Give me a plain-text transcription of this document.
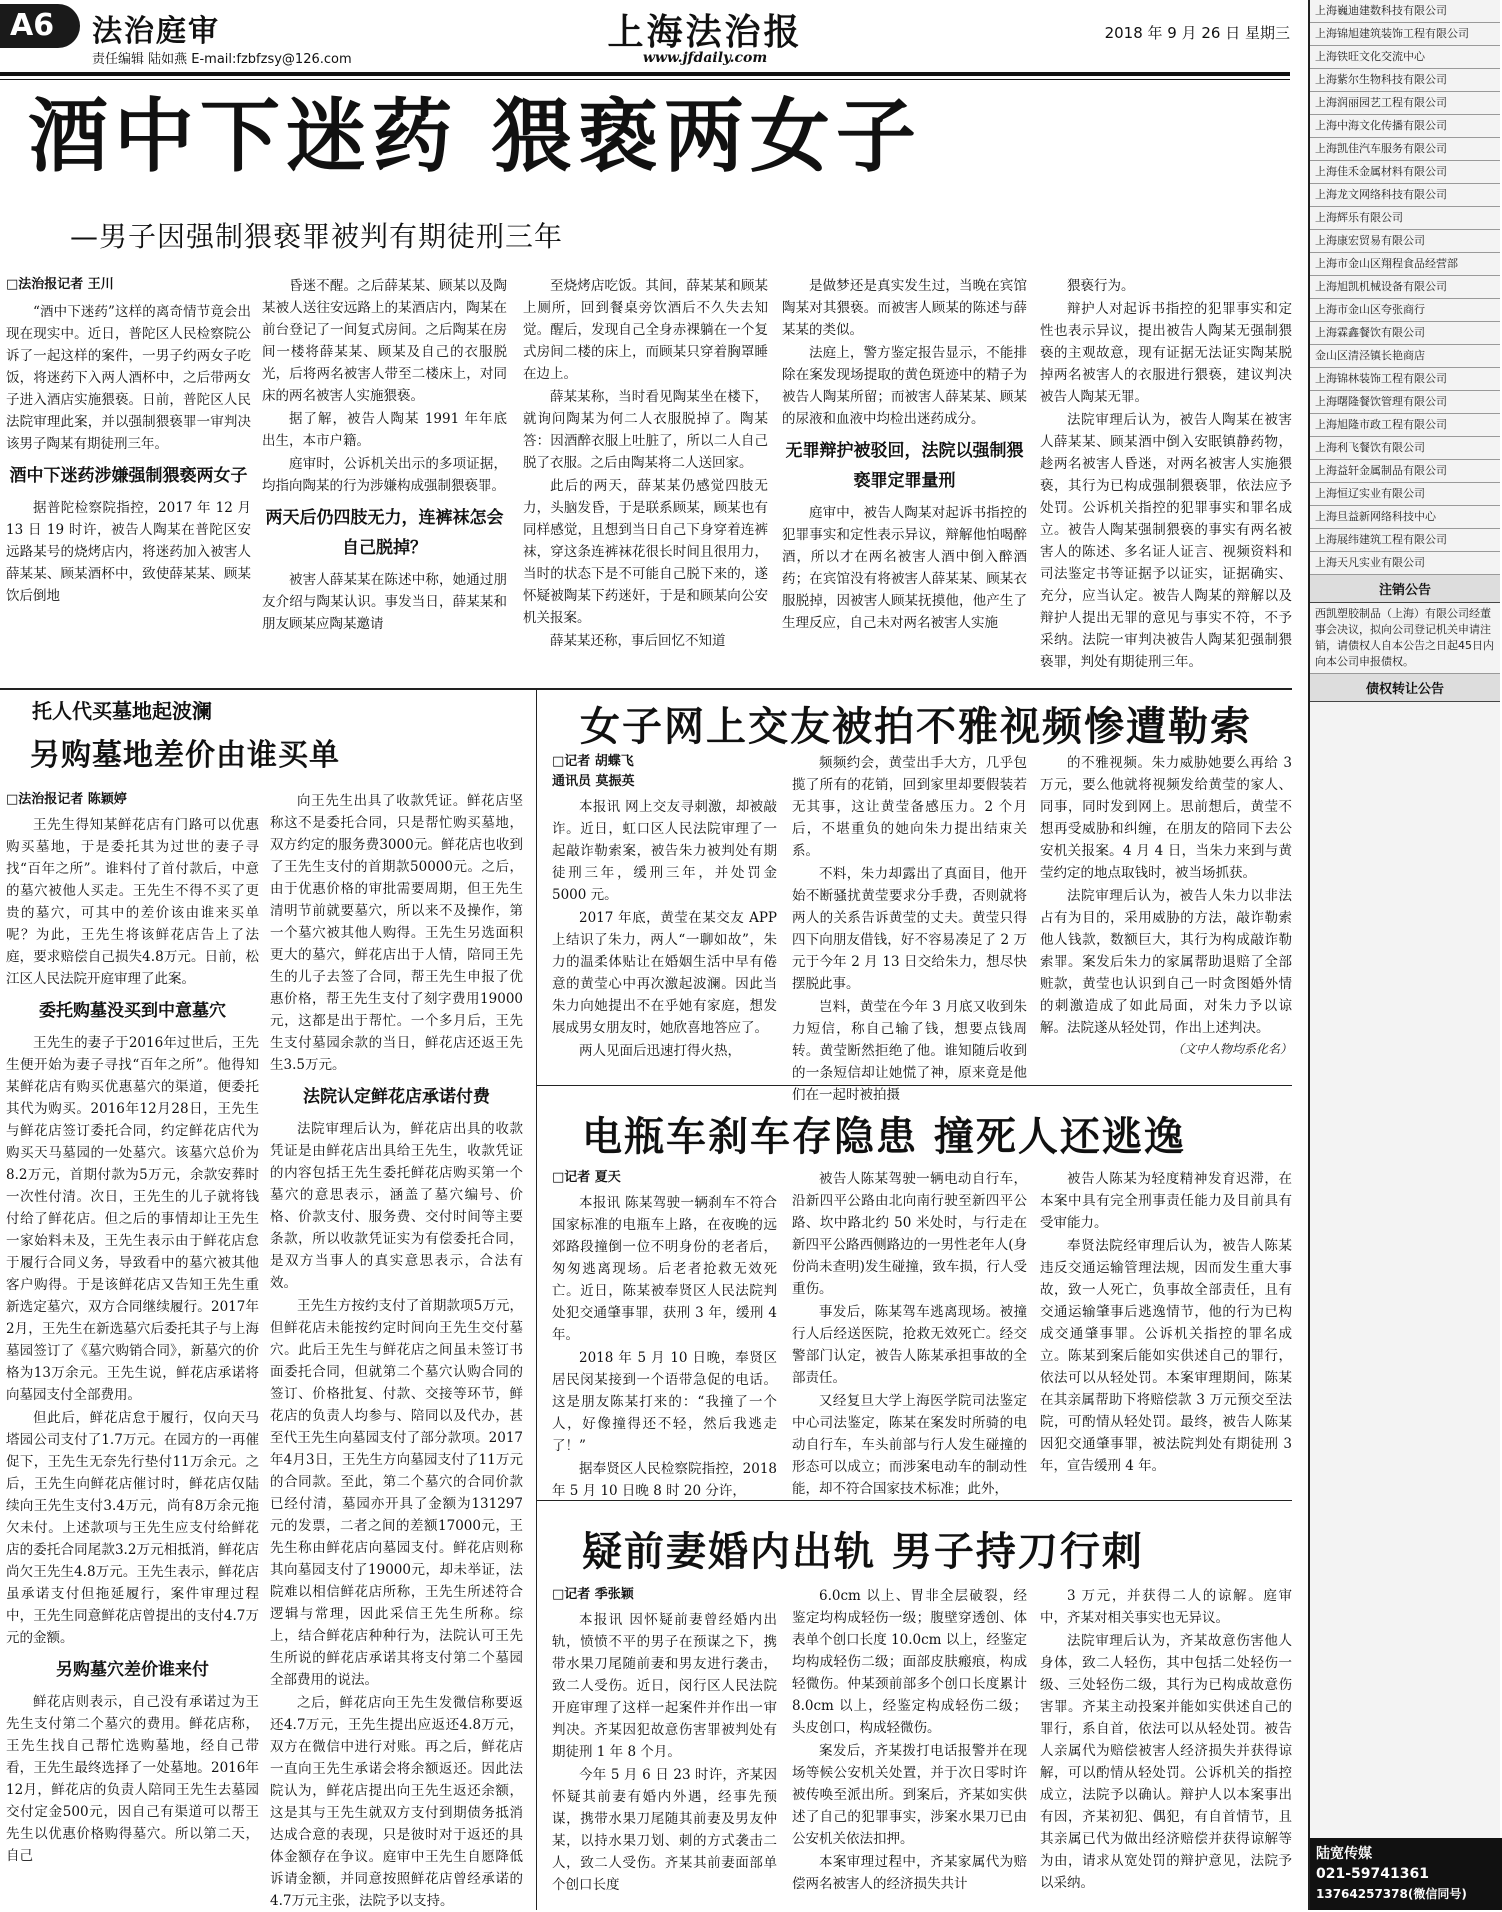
A6	法治庭审
责任编辑 陆如燕 E-mail:fzbfzsy@126.com
上海法治报
www.jfdaily.com
2018 年 9 月 26 日 星期三
酒中下迷药 猥亵两女子
—男子因强制猥亵罪被判有期徒刑三年
□法治报记者 王川

“酒中下迷药”这样的离奇情节竟会出现在现实中。近日，普陀区人民检察院公诉了一起这样的案件，一男子约两女子吃饭，将迷药下入两人酒杯中，之后带两女子进入酒店实施猥亵。日前，普陀区人民法院审理此案，并以强制猥亵罪一审判决该男子陶某有期徒刑三年。

酒中下迷药涉嫌强制猥亵两女子

据普陀检察院指控，2017 年 12 月 13 日 19 时许，被告人陶某在普陀区安远路某号的烧烤店内，将迷药加入被害人薛某某、顾某酒杯中，致使薛某某、顾某饮后倒地

昏迷不醒。之后薛某某、顾某以及陶某被人送往安远路上的某酒店内，陶某在前台登记了一间复式房间。之后陶某在房间一楼将薛某某、顾某及自己的衣服脱光，后将两名被害人带至二楼床上，对同床的两名被害人实施猥亵。

据了解，被告人陶某 1991 年年底出生，本市户籍。

庭审时，公诉机关出示的多项证据，均指向陶某的行为涉嫌构成强制猥亵罪。

两天后仍四肢无力，连裤袜怎会自己脱掉？

被害人薛某某在陈述中称，她通过朋友介绍与陶某认识。事发当日，薛某某和朋友顾某应陶某邀请

至烧烤店吃饭。其间，薛某某和顾某上厕所，回到餐桌旁饮酒后不久失去知觉。醒后，发现自己全身赤裸躺在一个复式房间二楼的床上，而顾某只穿着胸罩睡在边上。

薛某某称，当时看见陶某坐在楼下，就询问陶某为何二人衣服脱掉了。陶某答：因酒醉衣服上吐脏了，所以二人自己脱了衣服。之后由陶某将二人送回家。

此后的两天，薛某某仍感觉四肢无力，头脑发昏，于是联系顾某，顾某也有同样感觉，且想到当日自己下身穿着连裤袜，穿这条连裤袜花很长时间且很用力，当时的状态下是不可能自己脱下来的，遂怀疑被陶某下药迷奸，于是和顾某向公安机关报案。

薛某某还称，事后回忆不知道

是做梦还是真实发生过，当晚在宾馆陶某对其猥亵。而被害人顾某的陈述与薛某某的类似。

法庭上，警方鉴定报告显示，不能排除在案发现场提取的黄色斑迹中的精子为被告人陶某所留；而被害人薛某某、顾某的尿液和血液中均检出迷药成分。

无罪辩护被驳回，法院以强制猥亵罪定罪量刑

庭审中，被告人陶某对起诉书指控的犯罪事实和定性表示异议，辩解他怕喝醉酒，所以才在两名被害人酒中倒入醉酒药；在宾馆没有将被害人薛某某、顾某衣服脱掉，因被害人顾某抚摸他，他产生了生理反应，自己未对两名被害人实施

猥亵行为。

辩护人对起诉书指控的犯罪事实和定性也表示异议，提出被告人陶某无强制猥亵的主观故意，现有证据无法证实陶某脱掉两名被害人的衣服进行猥亵，建议判决被告人陶某无罪。

法院审理后认为，被告人陶某在被害人薛某某、顾某酒中倒入安眠镇静药物，趁两名被害人昏迷，对两名被害人实施猥亵，其行为已构成强制猥亵罪，依法应予处罚。公诉机关指控的犯罪事实和罪名成立。被告人陶某强制猥亵的事实有两名被害人的陈述、多名证人证言、视频资料和司法鉴定书等证据予以证实，证据确实、充分，应当认定。被告人陶某的辩解以及辩护人提出无罪的意见与事实不符，不予采纳。法院一审判决被告人陶某犯强制猥亵罪，判处有期徒刑三年。

托人代买墓地起波澜
另购墓地差价由谁买单
□法治报记者 陈颖婷

王先生得知某鲜花店有门路可以优惠购买墓地，于是委托其为过世的妻子寻找“百年之所”。谁料付了首付款后，中意的墓穴被他人买走。王先生不得不买了更贵的墓穴，可其中的差价该由谁来买单呢？为此，王先生将该鲜花店告上了法庭，要求赔偿自己损失4.8万元。日前，松江区人民法院开庭审理了此案。

委托购墓没买到中意墓穴

王先生的妻子于2016年过世后，王先生便开始为妻子寻找“百年之所”。他得知某鲜花店有购买优惠墓穴的渠道，便委托其代为购买。2016年12月28日，王先生与鲜花店签订委托合同，约定鲜花店代为购买天马墓园的一处墓穴。该墓穴总价为8.2万元，首期付款为5万元，余款安葬时一次性付清。次日，王先生的儿子就将钱付给了鲜花店。但之后的事情却让王先生一家始料未及，王先生表示由于鲜花店怠于履行合同义务，导致看中的墓穴被其他客户购得。于是该鲜花店又告知王先生重新选定墓穴，双方合同继续履行。2017年2月，王先生在新选墓穴后委托其子与上海墓园签订了《墓穴购销合同》，新墓穴的价格为13万余元。王先生说，鲜花店承诺将向墓园支付全部费用。

但此后，鲜花店怠于履行，仅向天马塔园公司支付了1.7万元。在园方的一再催促下，王先生无奈先行垫付11万余元。之后，王先生向鲜花店催讨时，鲜花店仅陆续向王先生支付3.4万元，尚有8万余元拖欠未付。上述款项与王先生应支付给鲜花店的委托合同尾款3.2万元相抵消，鲜花店尚欠王先生4.8万元。王先生表示，鲜花店虽承诺支付但拖延履行，案件审理过程中，王先生同意鲜花店曾提出的支付4.7万元的金额。

另购墓穴差价谁来付

鲜花店则表示，自己没有承诺过为王先生支付第二个墓穴的费用。鲜花店称，王先生找自己帮忙选购墓地，经自己带看，王先生最终选择了一处墓地。2016年12月，鲜花店的负责人陪同王先生去墓园交付定金500元，因自己有渠道可以帮王先生以优惠价格购得墓穴。所以第二天，自己

向王先生出具了收款凭证。鲜花店坚称这不是委托合同，只是帮忙购买墓地，双方约定的服务费3000元。鲜花店也收到了王先生支付的首期款50000元。之后，由于优惠价格的审批需要周期，但王先生清明节前就要墓穴，所以来不及操作，第一个墓穴被其他人购得。王先生另选面积更大的墓穴，鲜花店出于人情，陪同王先生的儿子去签了合同，帮王先生申报了优惠价格，帮王先生支付了刻字费用19000元，这都是出于帮忙。一个多月后，王先生支付墓园余款的当日，鲜花店还返王先生3.5万元。

法院认定鲜花店承诺付费

法院审理后认为，鲜花店出具的收款凭证是由鲜花店出具给王先生，收款凭证的内容包括王先生委托鲜花店购买第一个墓穴的意思表示，涵盖了墓穴编号、价格、价款支付、服务费、交付时间等主要条款，所以收款凭证实为有偿委托合同，是双方当事人的真实意思表示，合法有效。

王先生方按约支付了首期款项5万元，但鲜花店未能按约定时间向王先生交付墓穴。此后王先生与鲜花店之间虽未签订书面委托合同，但就第二个墓穴认购合同的签订、价格批复、付款、交接等环节，鲜花店的负责人均参与、陪同以及代办，甚至代王先生向墓园支付了部分款项。2017年4月3日，王先生方向墓园支付了11万元的合同款。至此，第二个墓穴的合同价款已经付清，墓园亦开具了金额为131297元的发票，二者之间的差额17000元，王先生称由鲜花店向墓园支付。鲜花店则称其向墓园支付了19000元，却未举证，法院难以相信鲜花店所称，王先生所述符合逻辑与常理，因此采信王先生所称。综上，结合鲜花店种种行为，法院认可王先生所说的鲜花店承诺其将支付第二个墓园全部费用的说法。

之后，鲜花店向王先生发微信称要返还4.7万元，王先生提出应返还4.8万元，双方在微信中进行对账。再之后，鲜花店一直向王先生承诺会将余额返还。因此法院认为，鲜花店提出向王先生返还余额，这是其与王先生就双方支付到期债务抵消达成合意的表现，只是彼时对于返还的具体金额存在争议。庭审中王先生自愿降低诉请金额，并同意按照鲜花店曾经承诺的4.7万元主张，法院予以支持。

女子网上交友被拍不雅视频惨遭勒索
□记者 胡蝶飞
通讯员 莫振英

本报讯 网上交友寻刺激，却被敲诈。近日，虹口区人民法院审理了一起敲诈勒索案，被告朱力被判处有期徒刑三年，缓刑三年，并处罚金 5000 元。

2017 年底，黄莹在某交友 APP 上结识了朱力，两人“一聊如故”，朱力的温柔体贴让在婚姻生活中早有倦意的黄莹心中再次激起波澜。因此当朱力向她提出不在乎她有家庭，想发展成男女朋友时，她欣喜地答应了。

两人见面后迅速打得火热，

频频约会，黄莹出手大方，几乎包揽了所有的花销，回到家里却要假装若无其事，这让黄莹备感压力。2 个月后，不堪重负的她向朱力提出结束关系。

不料，朱力却露出了真面目，他开始不断骚扰黄莹要求分手费，否则就将两人的关系告诉黄莹的丈夫。黄莹只得四下向朋友借钱，好不容易凑足了 2 万元于今年 2 月 13 日交给朱力，想尽快摆脱此事。

岂料，黄莹在今年 3 月底又收到朱力短信，称自己输了钱，想要点钱周转。黄莹断然拒绝了他。谁知随后收到的一条短信却让她慌了神，原来竟是他们在一起时被拍摄

的不雅视频。朱力威胁她要么再给 3 万元，要么他就将视频发给黄莹的家人、同事，同时发到网上。思前想后，黄莹不想再受威胁和纠缠，在朋友的陪同下去公安机关报案。4 月 4 日，当朱力来到与黄莹约定的地点取钱时，被当场抓获。

法院审理后认为，被告人朱力以非法占有为目的，采用威胁的方法，敲诈勒索他人钱款，数额巨大，其行为构成敲诈勒索罪。案发后朱力的家属帮助退赔了全部赃款，黄莹也认识到自己一时贪图婚外情的刺激造成了如此局面，对朱力予以谅解。法院遂从轻处罚，作出上述判决。

（文中人物均系化名）
电瓶车刹车存隐患 撞死人还逃逸
□记者 夏天

本报讯 陈某驾驶一辆刹车不符合国家标准的电瓶车上路，在夜晚的远郊路段撞倒一位不明身份的老者后，匆匆逃离现场。后老者抢救无效死亡。近日，陈某被奉贤区人民法院判处犯交通肇事罪，获刑 3 年，缓刑 4 年。

2018 年 5 月 10 日晚，奉贤区居民闵某接到一个语带急促的电话。这是朋友陈某打来的：“我撞了一个人，好像撞得还不轻，然后我逃走了！”

据奉贤区人民检察院指控，2018 年 5 月 10 日晚 8 时 20 分许，

被告人陈某驾驶一辆电动自行车，沿新四平公路由北向南行驶至新四平公路、坎中路北约 50 米处时，与行走在新四平公路西侧路边的一男性老年人(身份尚未查明)发生碰撞，致车损，行人受重伤。

事发后，陈某驾车逃离现场。被撞行人后经送医院，抢救无效死亡。经交警部门认定，被告人陈某承担事故的全部责任。

又经复旦大学上海医学院司法鉴定中心司法鉴定，陈某在案发时所骑的电动自行车，车头前部与行人发生碰撞的形态可以成立；而涉案电动车的制动性能，却不符合国家技术标准；此外，

被告人陈某为轻度精神发育迟滞，在本案中具有完全刑事责任能力及目前具有受审能力。

奉贤法院经审理后认为，被告人陈某违反交通运输管理法规，因而发生重大事故，致一人死亡，负事故全部责任，且有交通运输肇事后逃逸情节，他的行为已构成交通肇事罪。公诉机关指控的罪名成立。陈某到案后能如实供述自己的罪行，依法可以从轻处罚。本案审理期间，陈某在其亲属帮助下将赔偿款 3 万元预交至法院，可酌情从轻处罚。最终，被告人陈某因犯交通肇事罪，被法院判处有期徒刑 3 年，宣告缓刑 4 年。

疑前妻婚内出轨 男子持刀行刺
□记者 季张颖

本报讯 因怀疑前妻曾经婚内出轨，愤愤不平的男子在预谋之下，携带水果刀尾随前妻和男友进行袭击，致二人受伤。近日，闵行区人民法院开庭审理了这样一起案件并作出一审判决。齐某因犯故意伤害罪被判处有期徒刑 1 年 8 个月。

今年 5 月 6 日 23 时许，齐某因怀疑其前妻有婚内外遇，经事先预谋，携带水果刀尾随其前妻及男友仲某，以持水果刀划、刺的方式袭击二人，致二人受伤。齐某其前妻面部单个创口长度

6.0cm 以上、胃非全层破裂，经鉴定均构成轻伤一级；腹壁穿透创、体表单个创口长度 10.0cm 以上，经鉴定均构成轻伤二级；面部皮肤瘢痕，构成轻微伤。仲某颈前部多个创口长度累计 8.0cm 以上，经鉴定构成轻伤二级；头皮创口，构成轻微伤。

案发后，齐某拨打电话报警并在现场等候公安机关处置，并于次日零时许被传唤至派出所。到案后，齐某如实供述了自己的犯罪事实，涉案水果刀已由公安机关依法扣押。

本案审理过程中，齐某家属代为赔偿两名被害人的经济损失共计

3 万元，并获得二人的谅解。庭审中，齐某对相关事实也无异议。

法院审理后认为，齐某故意伤害他人身体，致二人轻伤，其中包括二处轻伤一级、三处轻伤二级，其行为已构成故意伤害罪。齐某主动投案并能如实供述自己的罪行，系自首，依法可以从轻处罚。被告人亲属代为赔偿被害人经济损失并获得谅解，可以酌情从轻处罚。公诉机关的指控成立，法院予以确认。辩护人以本案事出有因，齐某初犯、偶犯，有自首情节，且其亲属已代为做出经济赔偿并获得谅解等为由，请求从宽处罚的辩护意见，法院予以采纳。

上海巍迪建数科技有限公司
上海锦旭建筑装饰工程有限公司
上海铁旺文化交流中心
上海紫尔生物科技有限公司
上海润丽园艺工程有限公司
上海中海文化传播有限公司
上海凯佳汽车服务有限公司
上海佳禾金属材料有限公司
上海龙文网络科技有限公司
上海辉乐有限公司
上海康宏贸易有限公司
上海市金山区翔程食品经营部
上海旭凯机械设备有限公司
上海市金山区夸张商行
上海霖鑫餐饮有限公司
金山区清泾镇长艳商店
上海锦林装饰工程有限公司
上海曙隆餐饮管理有限公司
上海旭隆市政工程有限公司
上海利飞餐饮有限公司
上海益轩金属制品有限公司
上海恒辽实业有限公司
上海旦益新网络科技中心
上海展纬建筑工程有限公司
上海天凡实业有限公司
注销公告
西凯塑胶制品（上海）有限公司经董事会决议，拟向公司登记机关申请注销，请债权人自本公告之日起45日内向本公司申报债权。
债权转让公告
陆宽传媒
021-59741361
13764257378(微信同号)
